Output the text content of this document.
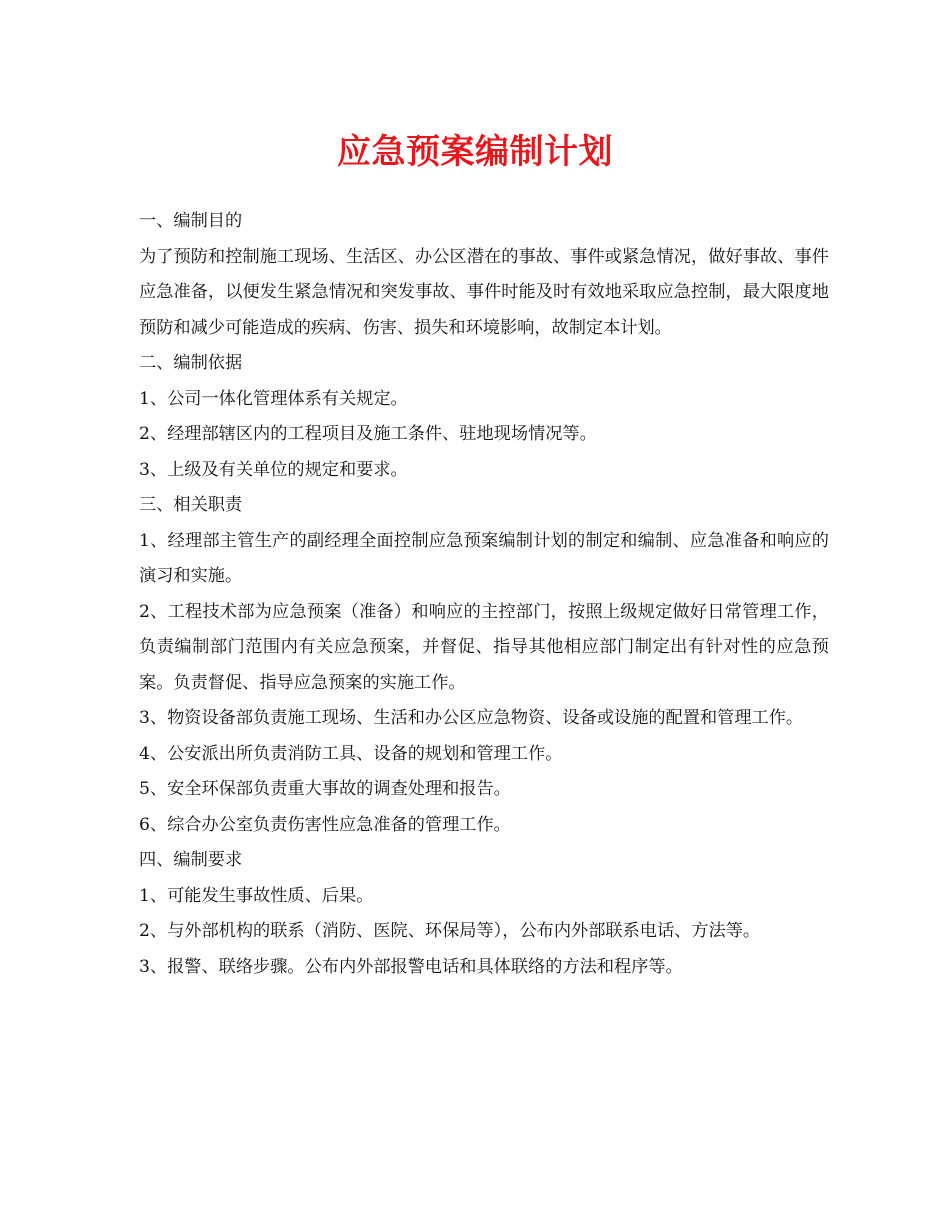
应急预案编制计划

一、编制目的

为了预防和控制施工现场、生活区、办公区潜在的事故、事件或紧急情况，做好事故、事件应急准备，以便发生紧急情况和突发事故、事件时能及时有效地采取应急控制，最大限度地预防和减少可能造成的疾病、伤害、损失和环境影响，故制定本计划。

二、编制依据

1、公司一体化管理体系有关规定。

2、经理部辖区内的工程项目及施工条件、驻地现场情况等。

3、上级及有关单位的规定和要求。

三、相关职责

1、经理部主管生产的副经理全面控制应急预案编制计划的制定和编制、应急准备和响应的演习和实施。

2、工程技术部为应急预案（准备）和响应的主控部门，按照上级规定做好日常管理工作，负责编制部门范围内有关应急预案，并督促、指导其他相应部门制定出有针对性的应急预案。负责督促、指导应急预案的实施工作。

3、物资设备部负责施工现场、生活和办公区应急物资、设备或设施的配置和管理工作。

4、公安派出所负责消防工具、设备的规划和管理工作。

5、安全环保部负责重大事故的调查处理和报告。

6、综合办公室负责伤害性应急准备的管理工作。

四、编制要求

1、可能发生事故性质、后果。

2、与外部机构的联系（消防、医院、环保局等），公布内外部联系电话、方法等。

3、报警、联络步骤。公布内外部报警电话和具体联络的方法和程序等。
